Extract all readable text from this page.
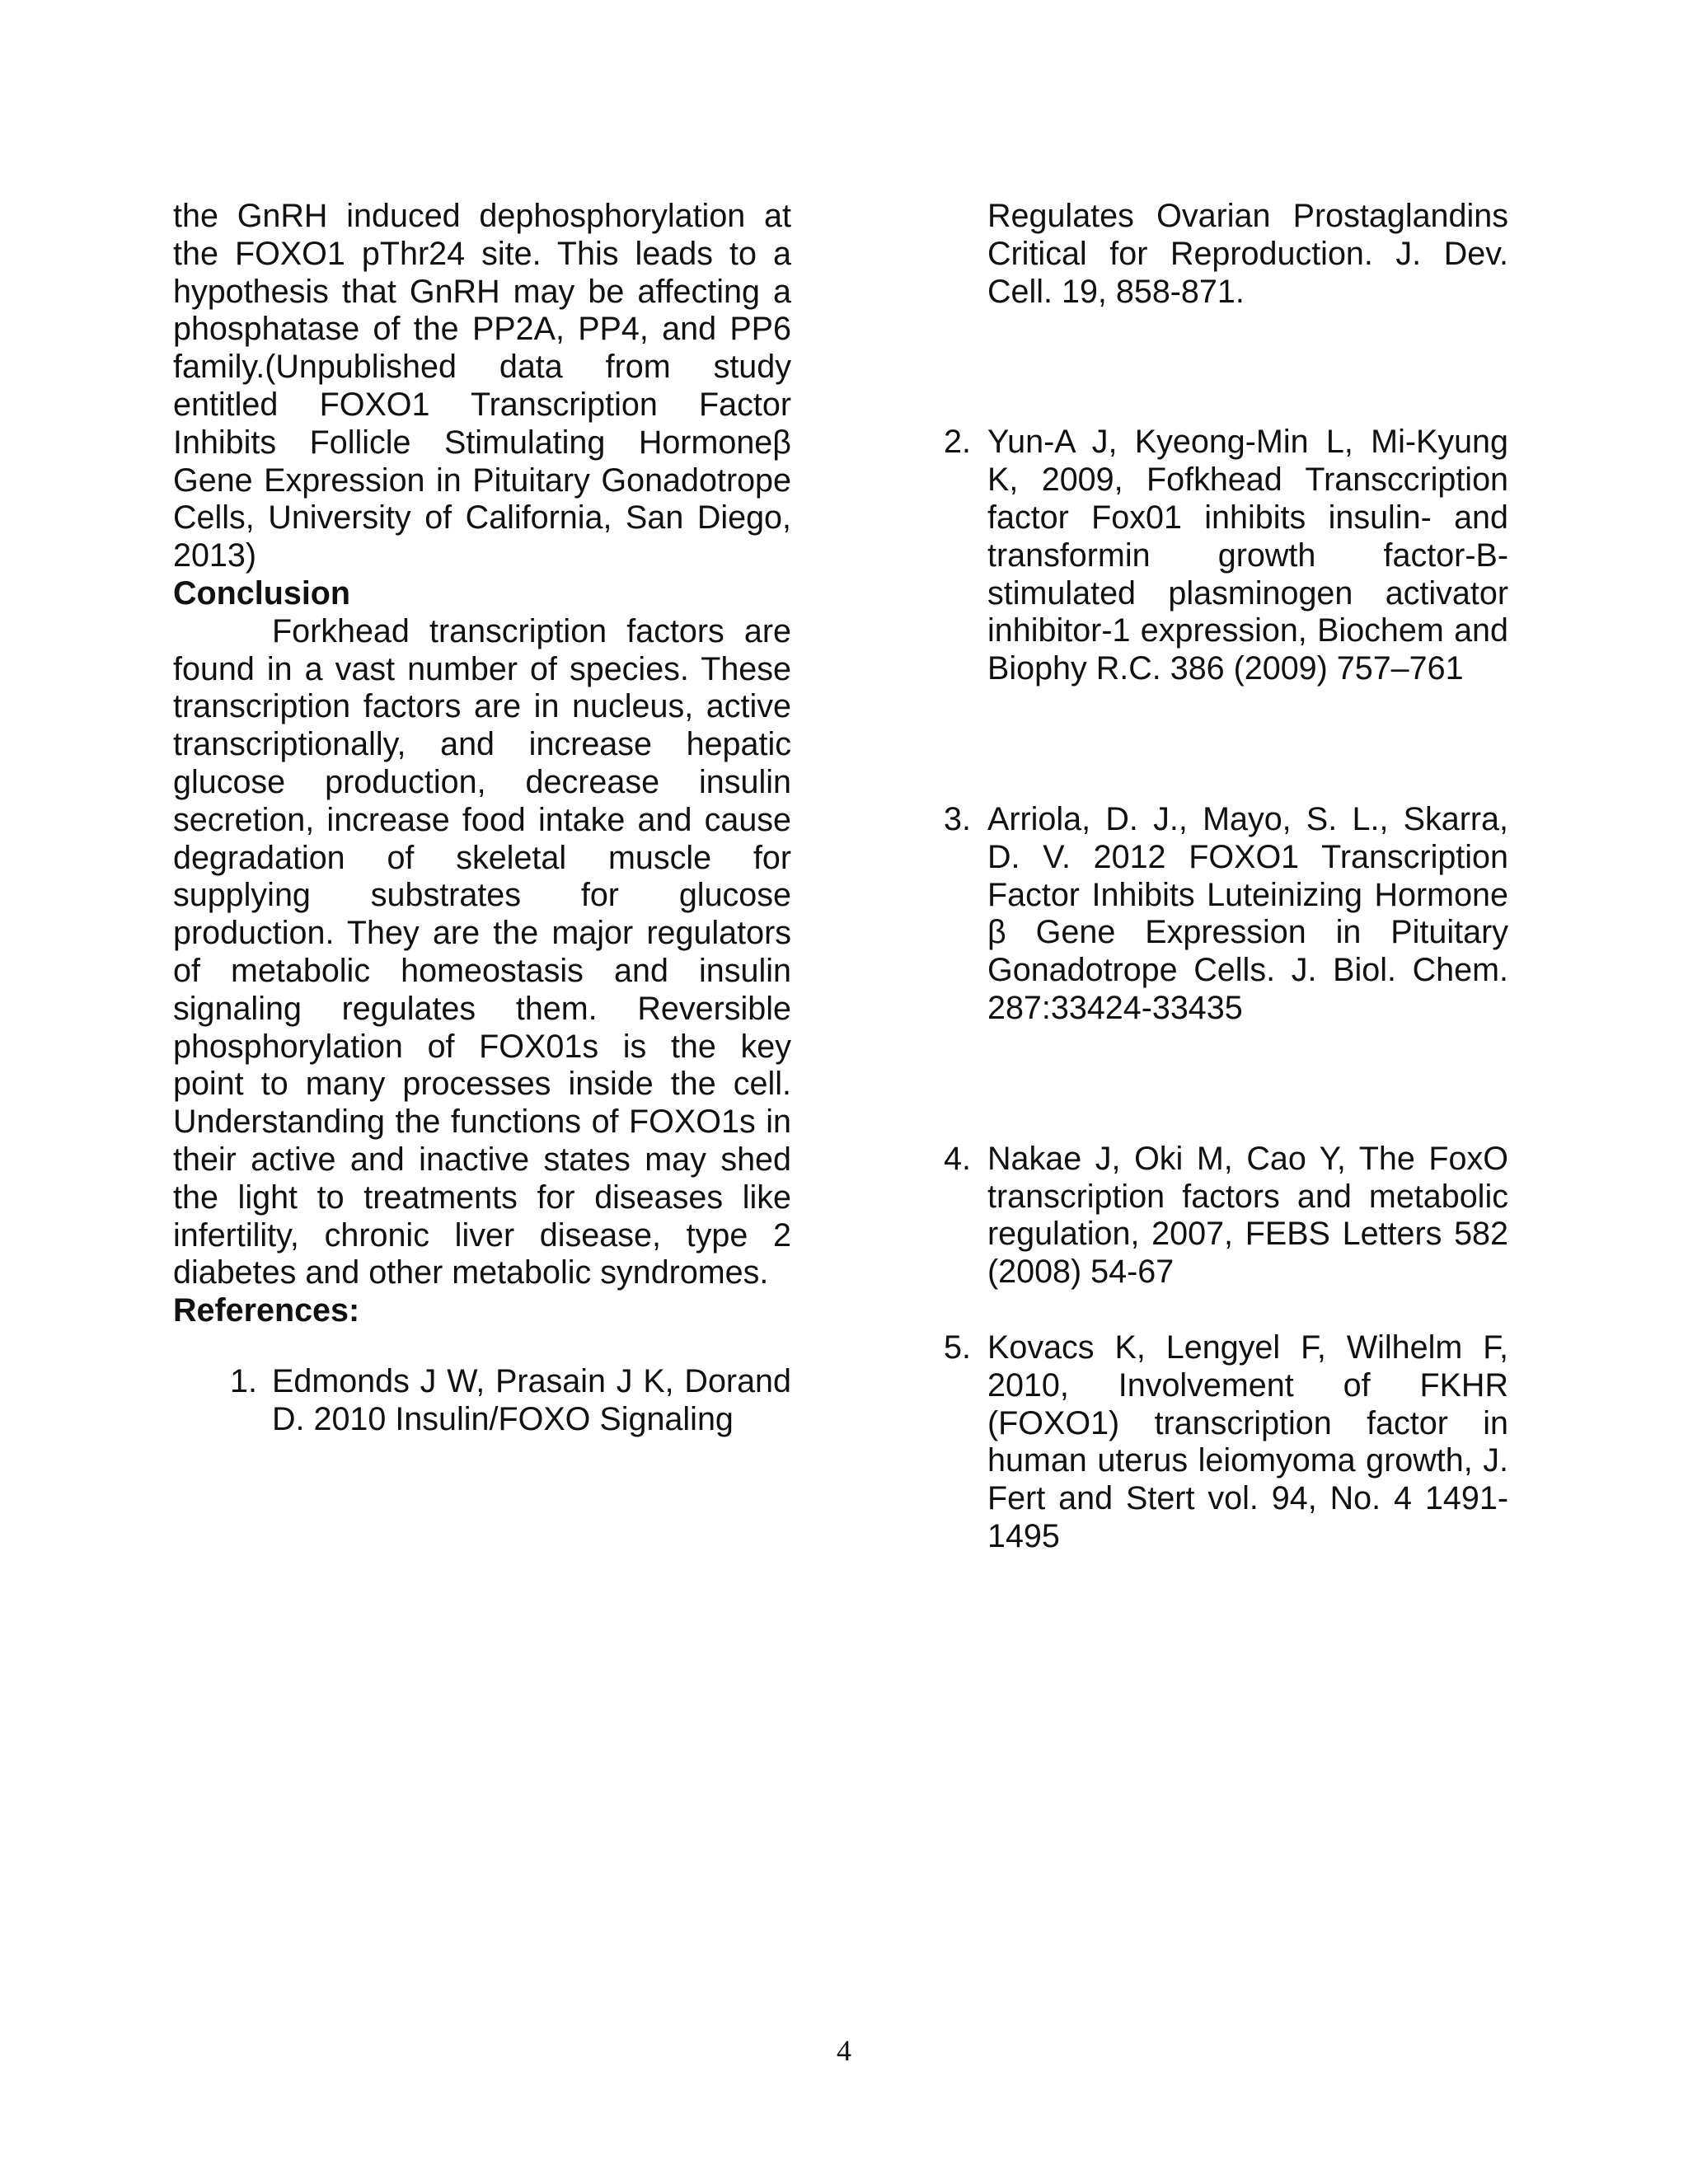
the GnRH induced dephosphorylation at the FOXO1 pThr24 site. This leads to a hypothesis that GnRH may be affecting a phosphatase of the PP2A, PP4, and PP6 family.(Unpublished data from study entitled FOXO1 Transcription Factor Inhibits Follicle Stimulating Hormoneβ Gene Expression in Pituitary Gonadotrope Cells, University of California, San Diego, 2013)

Conclusion

Forkhead transcription factors are found in a vast number of species. These transcription factors are in nucleus, active transcriptionally, and increase hepatic glucose production, decrease insulin secretion, increase food intake and cause degradation of skeletal muscle for supplying substrates for glucose production. They are the major regulators of metabolic homeostasis and insulin signaling regulates them. Reversible phosphorylation of FOX01s is the key point to many processes inside the cell. Understanding the functions of FOXO1s in their active and inactive states may shed the light to treatments for diseases like infertility, chronic liver disease, type 2 diabetes and other metabolic syndromes.

References:
1. Edmonds J W, Prasain J K, Dorand D. 2010 Insulin/FOXO Signaling
Regulates Ovarian Prostaglandins Critical for Reproduction. J. Dev. Cell. 19, 858-871.
2. Yun-A J, Kyeong-Min L, Mi-Kyung K, 2009, Fofkhead Transccription factor Fox01 inhibits insulin- and transformin growth factor-B- stimulated plasminogen activator inhibitor-1 expression, Biochem and Biophy R.C. 386 (2009) 757–761
3. Arriola, D. J., Mayo, S. L., Skarra, D. V. 2012 FOXO1 Transcription Factor Inhibits Luteinizing Hormone β Gene Expression in Pituitary Gonadotrope Cells. J. Biol. Chem. 287:33424-33435
4. Nakae J, Oki M, Cao Y, The FoxO transcription factors and metabolic regulation, 2007, FEBS Letters 582 (2008) 54-67
5. Kovacs K, Lengyel F, Wilhelm F, 2010, Involvement of FKHR (FOXO1) transcription factor in human uterus leiomyoma growth, J. Fert and Stert vol. 94, No. 4 1491-1495
4
